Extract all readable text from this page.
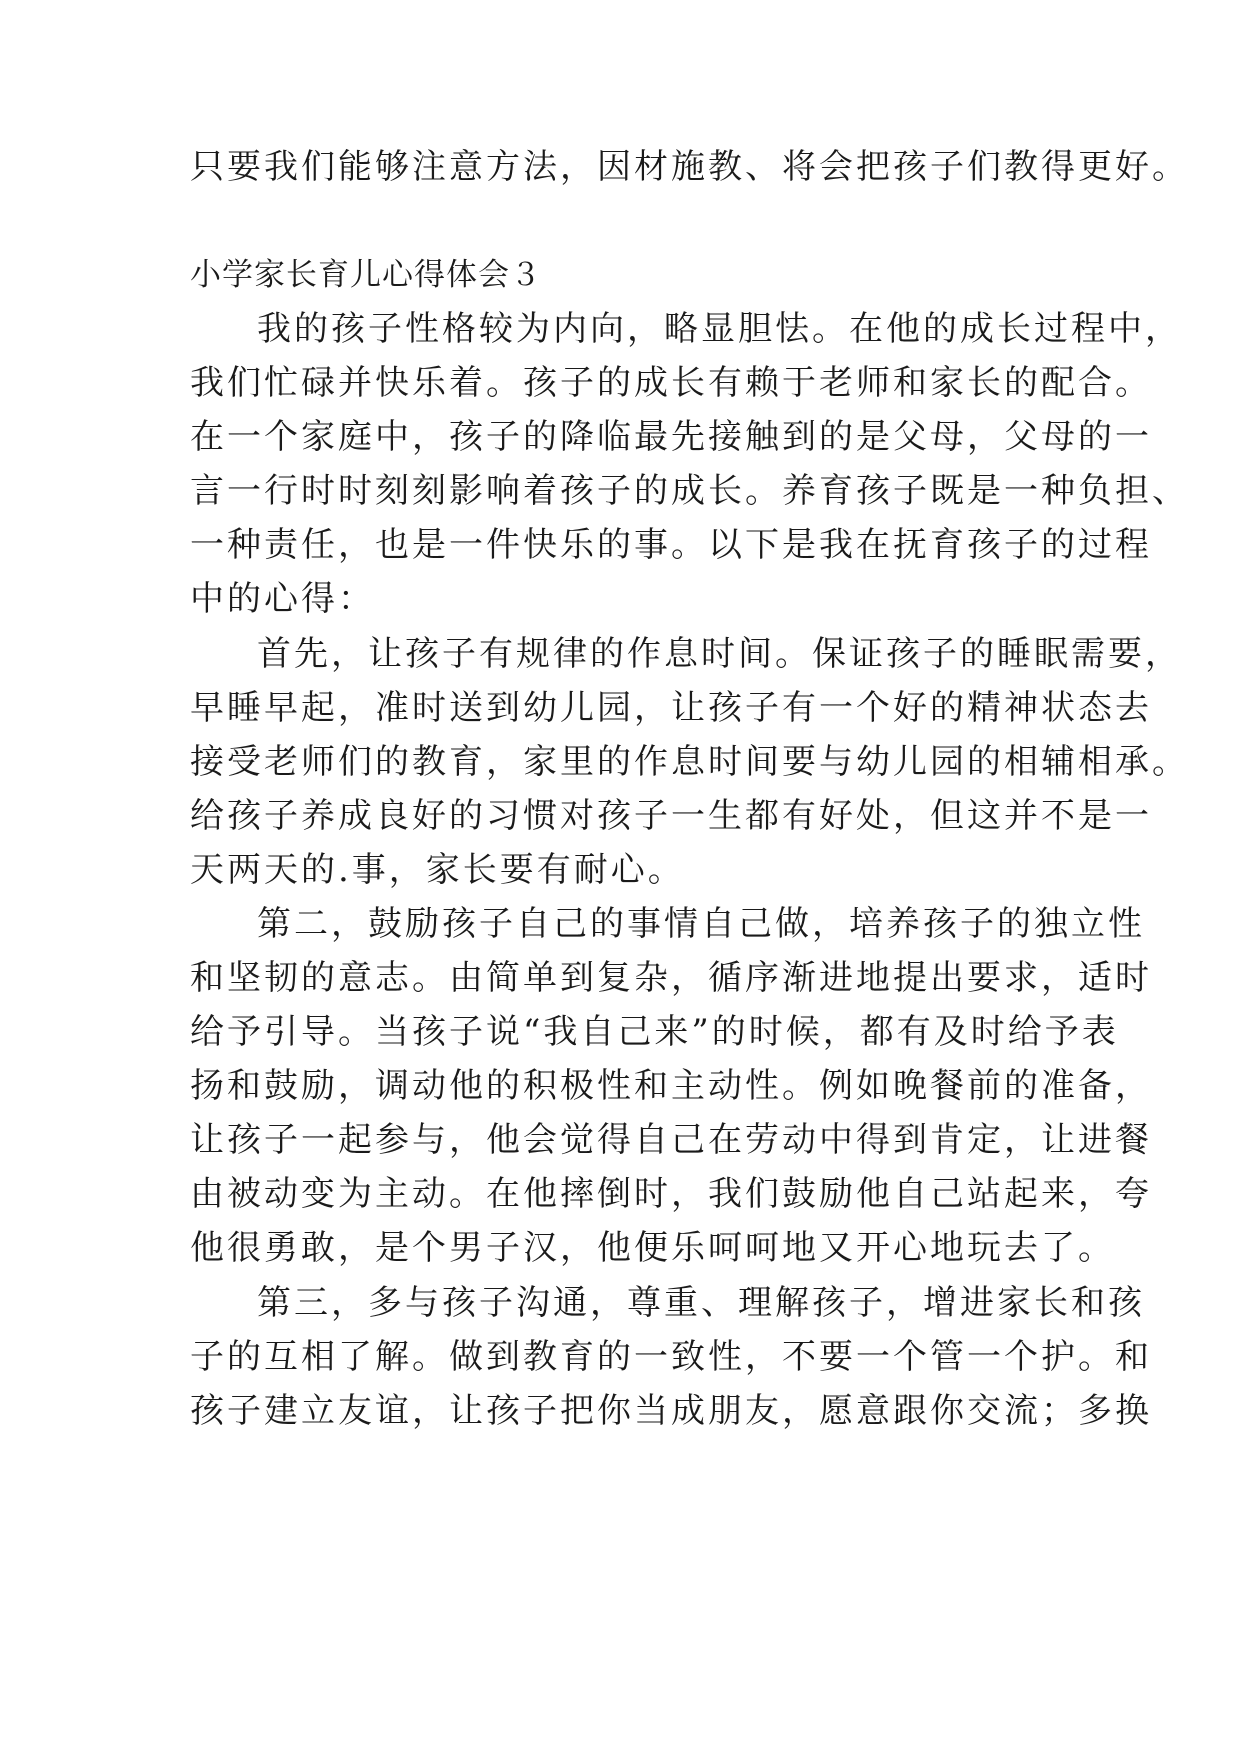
只要我们能够注意方法，因材施教、将会把孩子们教得更好。

小学家长育儿心得体会３

我的孩子性格较为内向，略显胆怯。在他的成长过程中，

我们忙碌并快乐着。孩子的成长有赖于老师和家长的配合。

在一个家庭中，孩子的降临最先接触到的是父母，父母的一

言一行时时刻刻影响着孩子的成长。养育孩子既是一种负担、

一种责任，也是一件快乐的事。以下是我在抚育孩子的过程

中的心得：

首先，让孩子有规律的作息时间。保证孩子的睡眠需要，

早睡早起，准时送到幼儿园，让孩子有一个好的精神状态去

接受老师们的教育，家里的作息时间要与幼儿园的相辅相承。

给孩子养成良好的习惯对孩子一生都有好处，但这并不是一

天两天的.事，家长要有耐心。

第二，鼓励孩子自己的事情自己做，培养孩子的独立性

和坚韧的意志。由简单到复杂，循序渐进地提出要求，适时

给予引导。当孩子说“我自己来”的时候，都有及时给予表

扬和鼓励，调动他的积极性和主动性。例如晚餐前的准备，

让孩子一起参与，他会觉得自己在劳动中得到肯定，让进餐

由被动变为主动。在他摔倒时，我们鼓励他自己站起来，夸

他很勇敢，是个男子汉，他便乐呵呵地又开心地玩去了。

第三，多与孩子沟通，尊重、理解孩子，增进家长和孩

子的互相了解。做到教育的一致性，不要一个管一个护。和

孩子建立友谊，让孩子把你当成朋友，愿意跟你交流；多换
